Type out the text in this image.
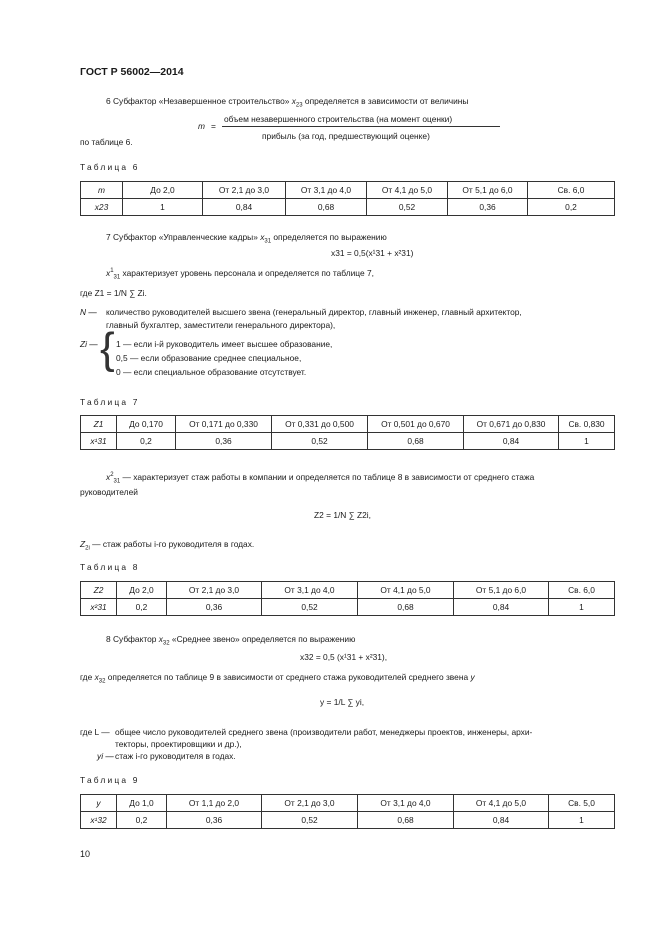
ГОСТ Р 56002—2014
6 Субфактор «Незавершенное строительство» $x_{23}$ определяется в зависимости от величины
m =
объем незавершенного строительства (на момент оценки)
прибыль (за год, предшествующий оценке)
по таблице 6.
Таблица 6
m	До 2,0	От 2,1 до 3,0	От 3,1 до 4,0	От 4,1 до 5,0	От 5,1 до 6,0	Св. 6,0
x23	1	0,84	0,68	0,52	0,36	0,2
7 Субфактор «Управленческие кадры» $x_{31}$ определяется по выражению
x31 = 0,5(x¹31 + x²31)
$x^1_{31}$ характеризует уровень персонала и определяется по таблице 7,
где Z1 = 1/N ∑ Zi.
N — количество руководителей высшего звена (генеральный директор, главный инженер, главный архитектор,
главный бухгалтер, заместители генерального директора),
Zi — { 1 — если i-й руководитель имеет высшее образование,
0,5 — если образование среднее специальное,
0 — если специальное образование отсутствует.
Таблица 7
Z1	До 0,170	От 0,171 до 0,330	От 0,331 до 0,500	От 0,501 до 0,670	От 0,671 до 0,830	Св. 0,830
x¹31	0,2	0,36	0,52	0,68	0,84	1
$x^2_{31}$ — характеризует стаж работы в компании и определяется по таблице 8 в зависимости от среднего стажа
руководителей
Z2 = 1/N ∑ Z2i,
$Z_{2i}$ — стаж работы i-го руководителя в годах.
Таблица 8
Z2	До 2,0	От 2,1 до 3,0	От 3,1 до 4,0	От 4,1 до 5,0	От 5,1 до 6,0	Св. 6,0
x²31	0,2	0,36	0,52	0,68	0,84	1
8 Субфактор $x_{32}$ «Среднее звено» определяется по выражению
x32 = 0,5 (x¹31 + x²31),
где $x_{32}$ определяется по таблице 9 в зависимости от среднего стажа руководителей среднего звена y
y = 1/L ∑ yi,
где L — общее число руководителей среднего звена (производители работ, менеджеры проектов, инженеры, архи-
текторы, проектировщики и др.),
yi — стаж i-го руководителя в годах.
Таблица 9
y	До 1,0	От 1,1 до 2,0	От 2,1 до 3,0	От 3,1 до 4,0	От 4,1 до 5,0	Св. 5,0
x¹32	0,2	0,36	0,52	0,68	0,84	1
10
